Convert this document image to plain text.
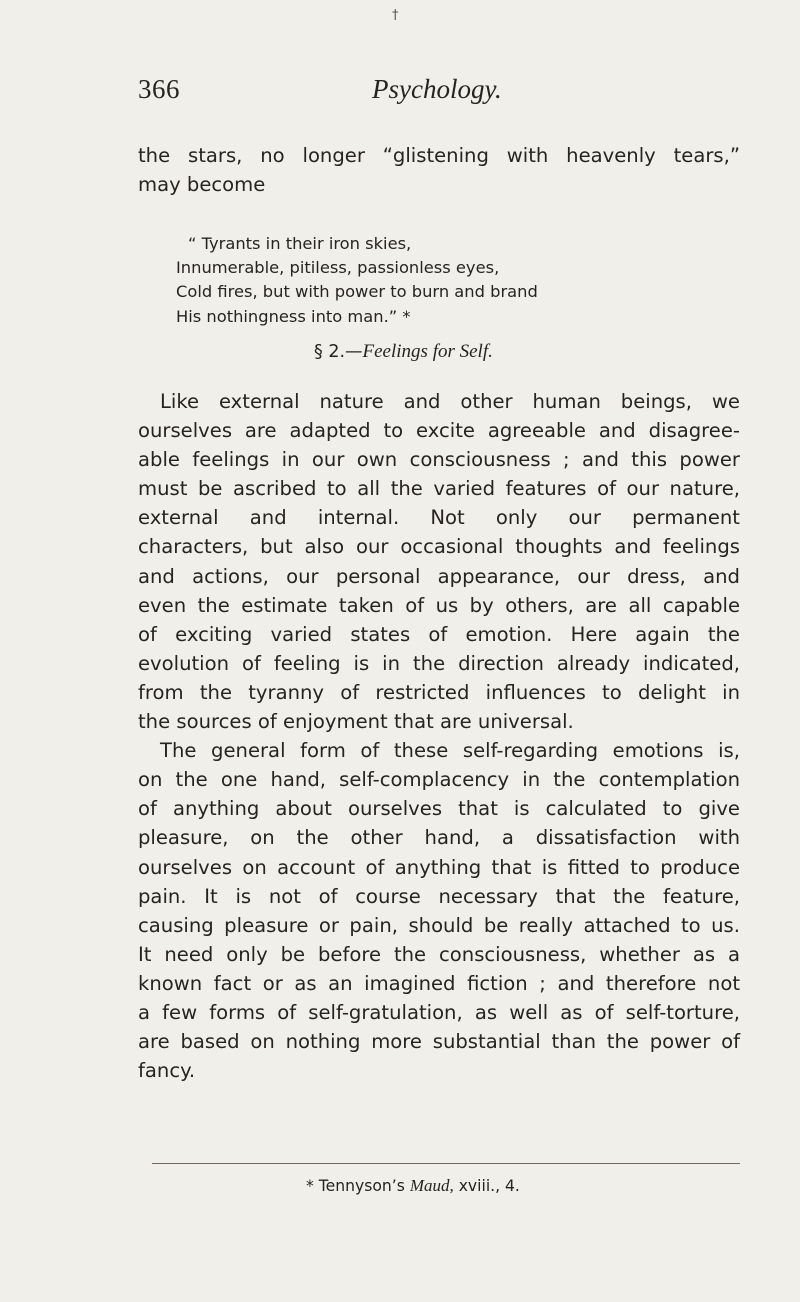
†
366	Psychology.
the stars, no longer “glistening with heavenly tears,”
may become
“ Tyrants in their iron skies,
Innumerable, pitiless, passionless eyes,
Cold fires, but with power to burn and brand
His nothingness into man.” *
§ 2.—Feelings for Self.
Like external nature and other human beings, we
ourselves are adapted to excite agreeable and disagree-
able feelings in our own consciousness ; and this power
must be ascribed to all the varied features of our nature,
external and internal. Not only our permanent
characters, but also our occasional thoughts and feelings
and actions, our personal appearance, our dress, and
even the estimate taken of us by others, are all capable
of exciting varied states of emotion. Here again the
evolution of feeling is in the direction already indicated,
from the tyranny of restricted influences to delight in
the sources of enjoyment that are universal.
The general form of these self-regarding emotions is,
on the one hand, self-complacency in the contemplation
of anything about ourselves that is calculated to give
pleasure, on the other hand, a dissatisfaction with
ourselves on account of anything that is fitted to produce
pain. It is not of course necessary that the feature,
causing pleasure or pain, should be really attached to us.
It need only be before the consciousness, whether as a
known fact or as an imagined fiction ; and therefore not
a few forms of self-gratulation, as well as of self-torture,
are based on nothing more substantial than the power of
fancy.
* Tennyson’s Maud, xviii., 4.
